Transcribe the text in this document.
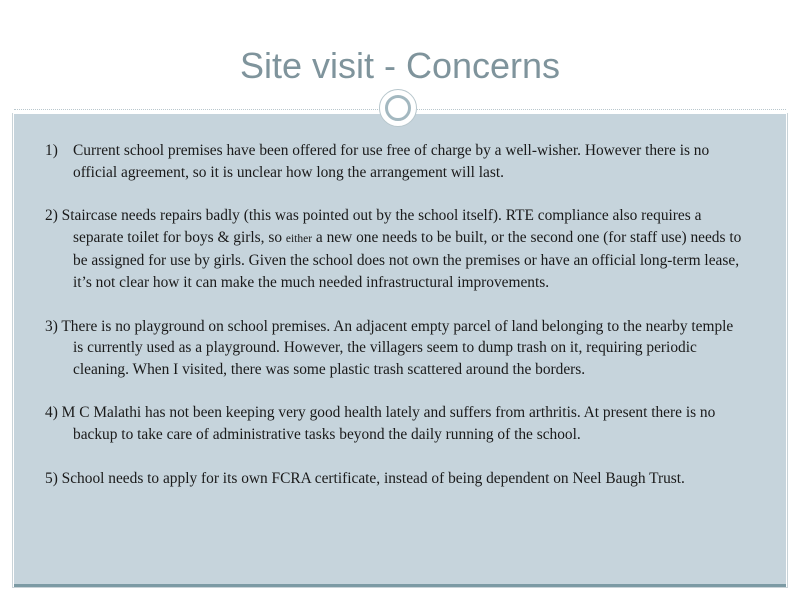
Site visit - Concerns
1) Current school premises have been offered for use free of charge by a well-wisher. However there is no official agreement, so it is unclear how long the arrangement will last.
2) Staircase needs repairs badly (this was pointed out by the school itself). RTE compliance also requires a separate toilet for boys & girls, so either a new one needs to be built, or the second one (for staff use) needs to be assigned for use by girls. Given the school does not own the premises or have an official long-term lease, it’s not clear how it can make the much needed infrastructural improvements.
3) There is no playground on school premises. An adjacent empty parcel of land belonging to the nearby temple is currently used as a playground. However, the villagers seem to dump trash on it, requiring periodic cleaning. When I visited, there was some plastic trash scattered around the borders.
4) M C Malathi has not been keeping very good health lately and suffers from arthritis. At present there is no backup to take care of administrative tasks beyond the daily running of the school.
5) School needs to apply for its own FCRA certificate, instead of being dependent on Neel Baugh Trust.
